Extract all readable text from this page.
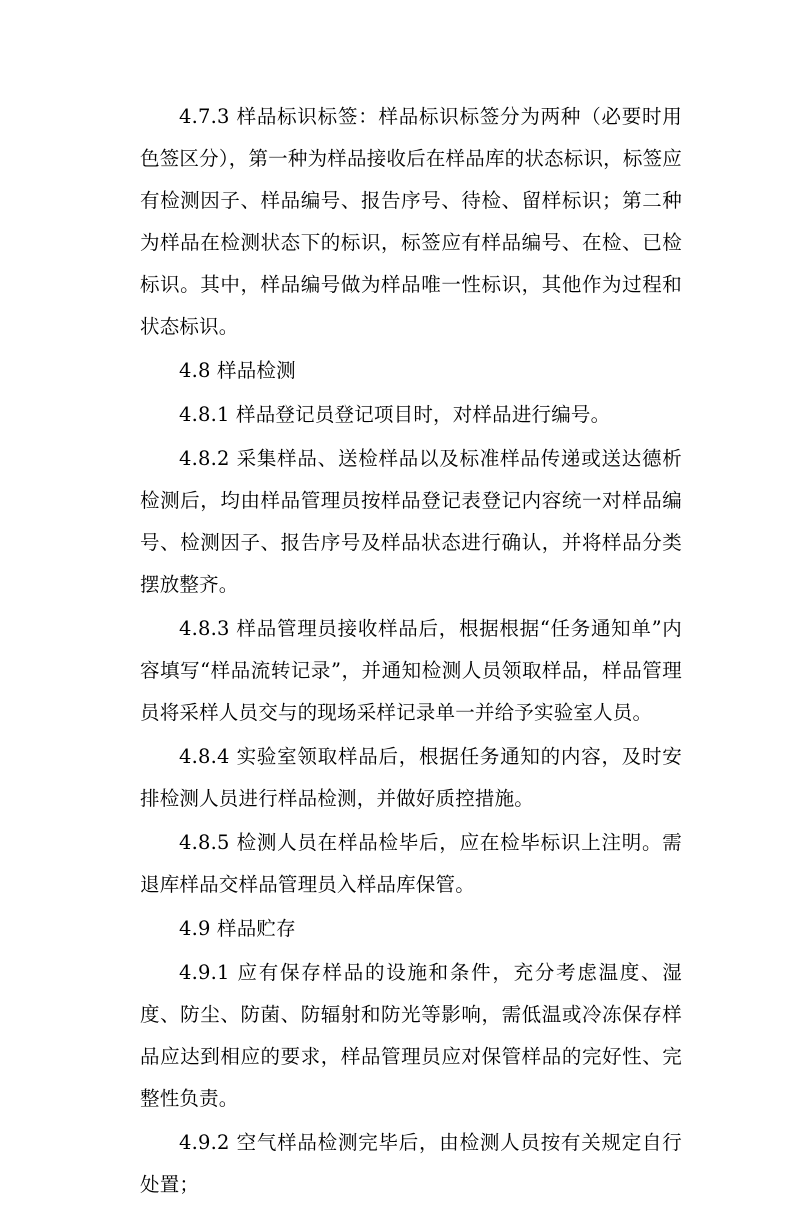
4.7.3 样品标识标签：样品标识标签分为两种（必要时用色签区分），第一种为样品接收后在样品库的状态标识，标签应有检测因子、样品编号、报告序号、待检、留样标识；第二种为样品在检测状态下的标识，标签应有样品编号、在检、已检标识。其中，样品编号做为样品唯一性标识，其他作为过程和状态标识。

4.8 样品检测

4.8.1 样品登记员登记项目时，对样品进行编号。

4.8.2 采集样品、送检样品以及标准样品传递或送达德析检测后，均由样品管理员按样品登记表登记内容统一对样品编号、检测因子、报告序号及样品状态进行确认，并将样品分类摆放整齐。

4.8.3 样品管理员接收样品后，根据根据“任务通知单”内容填写“样品流转记录”，并通知检测人员领取样品，样品管理员将采样人员交与的现场采样记录单一并给予实验室人员。

4.8.4 实验室领取样品后，根据任务通知的内容，及时安排检测人员进行样品检测，并做好质控措施。

4.8.5 检测人员在样品检毕后，应在检毕标识上注明。需退库样品交样品管理员入样品库保管。

4.9 样品贮存

4.9.1 应有保存样品的设施和条件，充分考虑温度、湿度、防尘、防菌、防辐射和防光等影响，需低温或冷冻保存样品应达到相应的要求，样品管理员应对保管样品的完好性、完整性负责。

4.9.2 空气样品检测完毕后，由检测人员按有关规定自行处置；
